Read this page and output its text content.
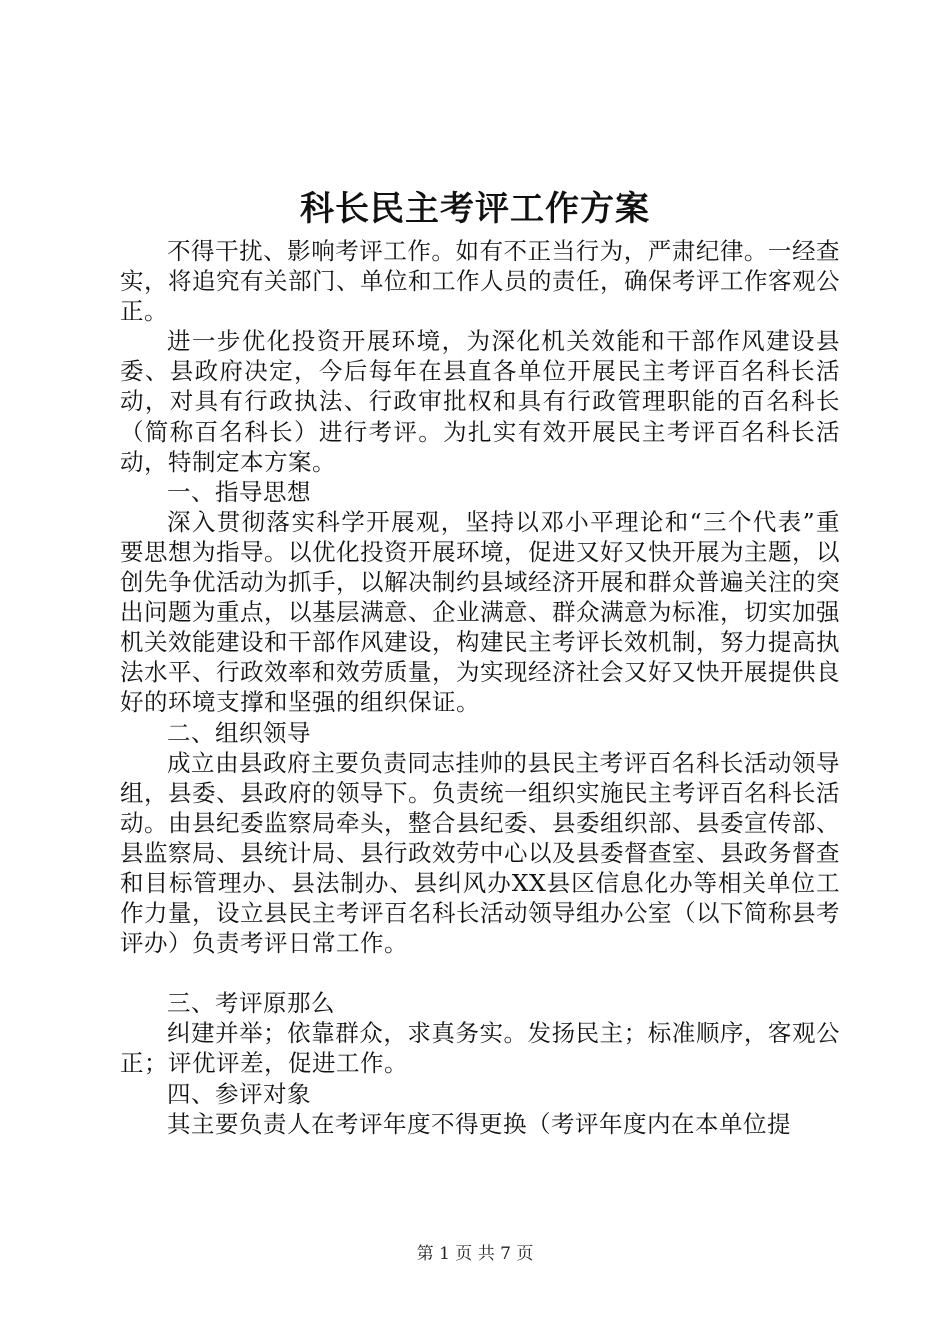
科长民主考评工作方案

不得干扰、影响考评工作。如有不正当行为，严肃纪律。一经查实，将追究有关部门、单位和工作人员的责任，确保考评工作客观公正。

进一步优化投资开展环境，为深化机关效能和干部作风建设县委、县政府决定，今后每年在县直各单位开展民主考评百名科长活动，对具有行政执法、行政审批权和具有行政管理职能的百名科长（简称百名科长）进行考评。为扎实有效开展民主考评百名科长活动，特制定本方案。

一、指导思想

深入贯彻落实科学开展观，坚持以邓小平理论和“三个代表”重要思想为指导。以优化投资开展环境，促进又好又快开展为主题，以创先争优活动为抓手，以解决制约县域经济开展和群众普遍关注的突出问题为重点，以基层满意、企业满意、群众满意为标准，切实加强机关效能建设和干部作风建设，构建民主考评长效机制，努力提高执法水平、行政效率和效劳质量，为实现经济社会又好又快开展提供良好的环境支撑和坚强的组织保证。

二、组织领导

成立由县政府主要负责同志挂帅的县民主考评百名科长活动领导组，县委、县政府的领导下。负责统一组织实施民主考评百名科长活动。由县纪委监察局牵头，整合县纪委、县委组织部、县委宣传部、县监察局、县统计局、县行政效劳中心以及县委督查室、县政务督查和目标管理办、县法制办、县纠风办XX县区信息化办等相关单位工作力量，设立县民主考评百名科长活动领导组办公室（以下简称县考评办）负责考评日常工作。

三、考评原那么

纠建并举；依靠群众，求真务实。发扬民主；标准顺序，客观公正；评优评差，促进工作。

四、参评对象

其主要负责人在考评年度不得更换（考评年度内在本单位提

第 1 页 共 7 页
